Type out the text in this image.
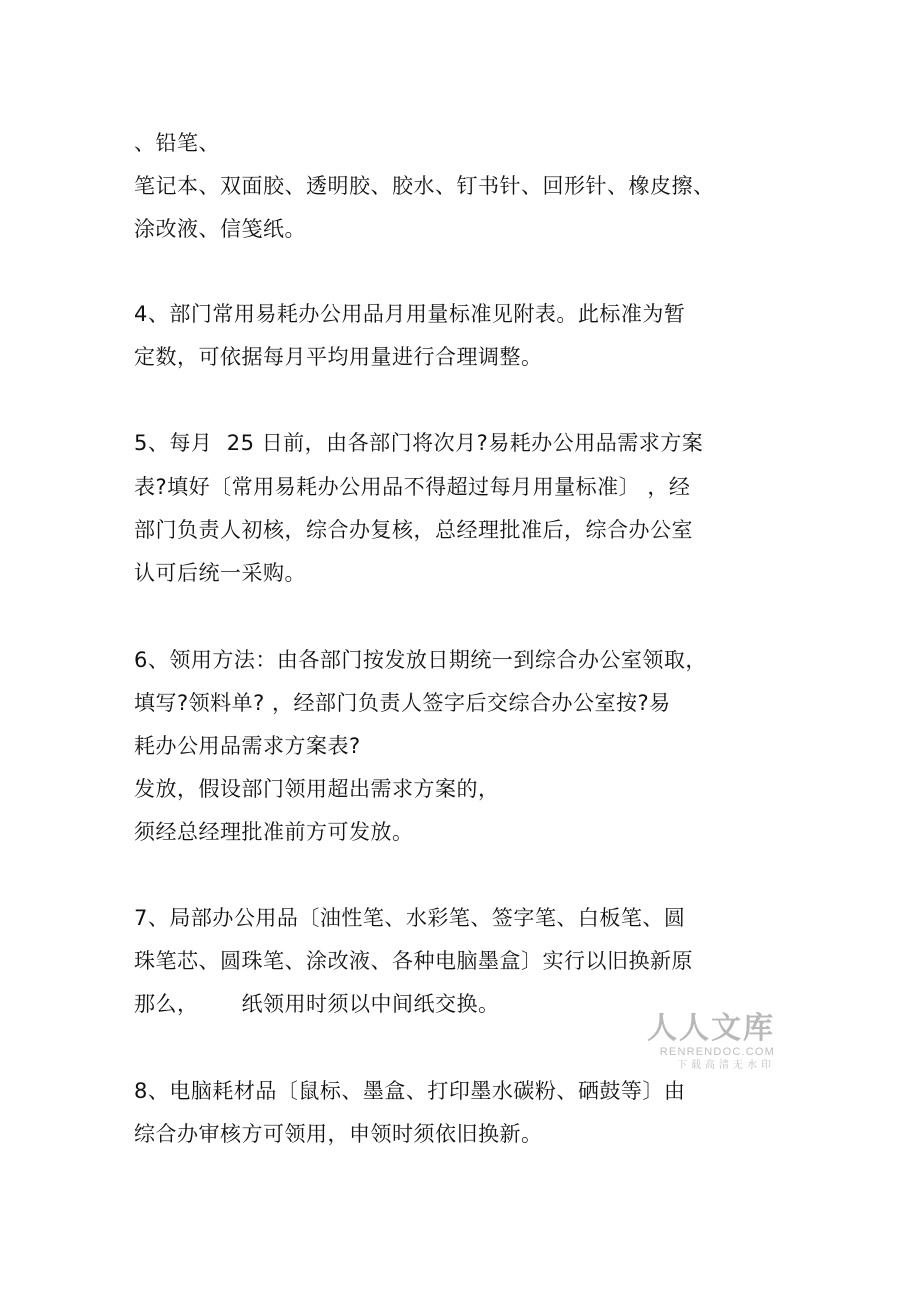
、铅笔、
笔记本、双面胶、透明胶、胶水、钉书针、回形针、橡皮擦、
涂改液、信笺纸。
4、部门常用易耗办公用品月用量标准见附表。此标准为暂
定数，可依据每月平均用量进行合理调整。
5、每月  25 日前，由各部门将次月?易耗办公用品需求方案
表?填好〔常用易耗办公用品不得超过每月用量标准〕 ，经
部门负责人初核，综合办复核，总经理批准后，综合办公室
认可后统一采购。
6、领用方法：由各部门按发放日期统一到综合办公室领取，
填写?领料单? ，经部门负责人签字后交综合办公室按?易
耗办公用品需求方案表?
发放，假设部门领用超出需求方案的，
须经总经理批准前方可发放。
7、局部办公用品〔油性笔、水彩笔、签字笔、白板笔、圆
珠笔芯、圆珠笔、涂改液、各种电脑墨盒〕实行以旧换新原
那么，      纸领用时须以中间纸交换。
8、电脑耗材品〔鼠标、墨盒、打印墨水碳粉、硒鼓等〕由
综合办审核方可领用，申领时须依旧换新。
人人文库
RENRENDOC.COM
下载高清无水印
